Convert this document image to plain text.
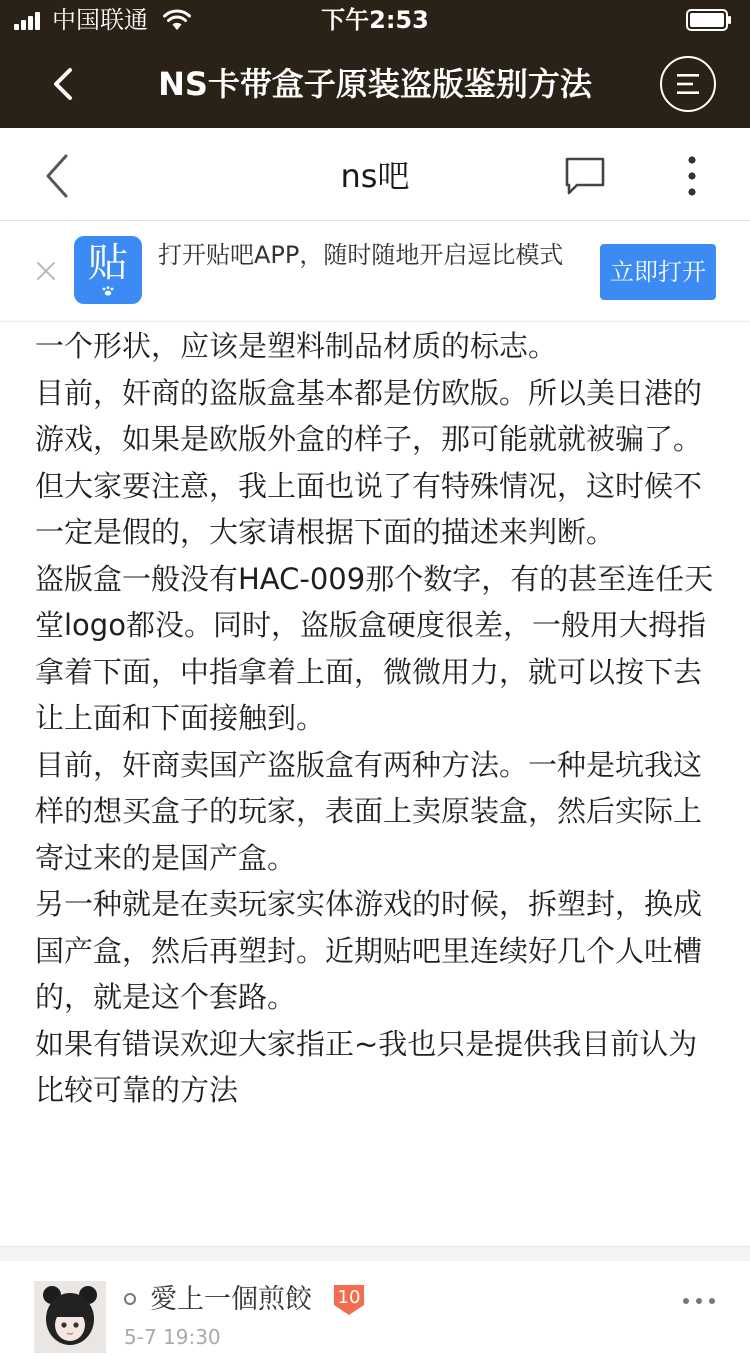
中国联通	下午2:53
NS卡带盒子原装盗版鉴别方法
ns吧
贴	打开贴吧APP，随时随地开启逗比模式
立即打开

一个形状，应该是塑料制品材质的标志。

目前，奸商的盗版盒基本都是仿欧版。所以美日港的游戏，如果是欧版外盒的样子，那可能就就被骗了。但大家要注意，我上面也说了有特殊情况，这时候不一定是假的，大家请根据下面的描述来判断。

盗版盒一般没有HAC-009那个数字，有的甚至连任天堂logo都没。同时，盗版盒硬度很差，一般用大拇指拿着下面，中指拿着上面，微微用力，就可以按下去让上面和下面接触到。

目前，奸商卖国产盗版盒有两种方法。一种是坑我这样的想买盒子的玩家，表面上卖原装盒，然后实际上寄过来的是国产盒。

另一种就是在卖玩家实体游戏的时候，拆塑封，换成国产盒，然后再塑封。近期贴吧里连续好几个人吐槽的，就是这个套路。

如果有错误欢迎大家指正~我也只是提供我目前认为比较可靠的方法

愛上一個煎餃	10
5-7 19:30
